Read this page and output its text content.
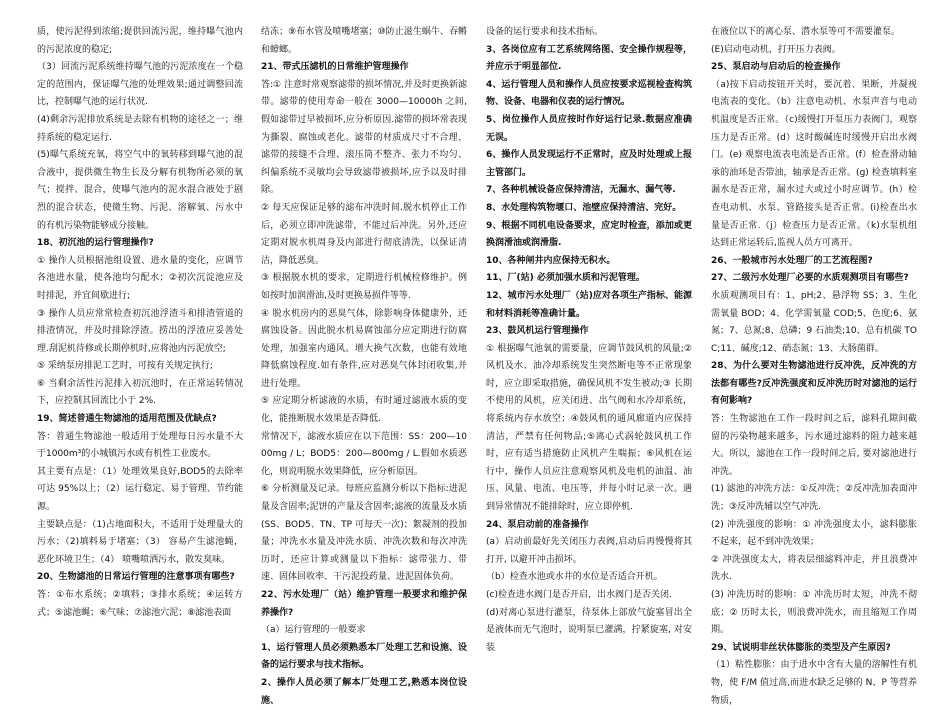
质，使污泥得到浓缩;提供回流污泥，维持曝气池内的污泥浓度的稳定;

（3）回流污泥系统维持曝气池的污泥浓度在一个稳定的范围内，保证曝气池的处理效果;通过调整回流比，控制曝气池的运行状况.

(4)剩余污泥排放系统是去除有机物的途径之一；维持系统的稳定运行.

(5)曝气系统充氧，将空气中的氧转移到曝气池的混合液中，提供微生物生长及分解有机物所必须的氧气；搅拌、混合，使曝气池内的泥水混合液处于剧烈的混合状态，使微生物、污泥、溶解氧、污水中的有机污染物能够成分接触。

18、初沉池的运行管理操作?

① 操作人员根据池组设置、进水量的变化，应调节各池进水量，使各池均匀配水；②初次沉淀池应及时排泥，并宜间歇进行;

③ 操作人员应常常检查初沉池浮渣斗和排渣管道的排渣情况，并及时排除浮渣。捞出的浮渣应妥善处理.刮泥机待修或长期停机时,应将池内污泥放空;

⑤ 采纳泵房排泥工艺时，可按有关规定执行;

⑥ 当剩余活性污泥排入初沉池时，在正常运转情况下，应控制其回流比小于 2%.

19、简述普通生物滤池的适用范围及优缺点?

答：普通生物滤池一般适用于处理每日污水量不大于1000m³的小城镇污水或有机性工业废水。

其主要有点是：（1）处理效果良好,BOD5的去除率可达 95%以上；（2）运行稳定、易于管理、节约能源。

主要缺点是：（1)占地面积大，不适用于处理量大的污水；（2)填料易于堵塞；（3） 容易产生滤池蝇，恶化环境卫生；（4） 喷嘴喷洒污水，散发臭味。

20、生物滤池的日常运行管理的注意事项有哪些?

答：①布水系统；②填料；③排水系统；④运转方式；⑤滤池蝇；⑥气味；⑦滤池穴泥；⑧滤池表面

结冻；⑨布水管及喷嘴堵塞；⑩防止滋生蜗牛、吞鳉和蟑螂。

21、带式压滤机的日常维护管理操作

答:① 注意时常观察滤带的损坏情况,并及时更换新滤带。滤带的使用寿命一般在 3000—10000h 之间,假如滤带过早被损坏,应分析原因.滤带的损坏常表现为撕裂、腐蚀或老化。滤带的材质成尺寸不合理、滤带的接缝不合理、滚压筒不整齐、张力不均匀、纠偏系统不灵敏均会导致滤带被损坏,应予以及时排除。

② 每天应保证足够的滤布冲洗时间.脱水机停止工作后，必须立即冲洗滤带，不能过后冲洗。另外,还应定期对脱水机周身及内部进行彻底清洗，以保证清洁，降低恶臭。

③ 根据脱水机的要求，定期进行机械检修维护。例如按时加润滑油,及时更换易损件等等.

④ 脱水机房内的恶臭气体，除影响身体健康外，还腐蚀设备。因此脱水机易腐蚀部分应定期进行防腐处理，加强室内通风。增大换气次数，也能有效地降低腐蚀程度.如有条件,应对恶臭气体封闭收集,并进行处理。

⑤ 应定期分析滤液的水质，有时通过滤液水质的变化，能推断脱水效果是否降低.

常情况下，滤液水质应在以下范围：SS：200—1000mg / L；BOD5：200—800mg / L.假如水质恶化，则说明脱水效果降低，应分析原因。

⑥ 分析测量及记录。每班应监测分析以下指标:进泥量及含固率;泥饼的产量及含固率;滤液的流量及水质 (SS、BOD5、TN、TP 可每天一次)；絮凝剂的投加量；冲洗水水量及冲洗水质、冲洗次数和每次冲洗历时，还应计算或测量以下指标：滤带张力、带速、固体回收率、干污泥投药量、进泥固体负荷。

22、污水处理厂（站）维护管理一般要求和维护保养操作?

（a）运行管理的一般要求

1、运行管理人员必须熟悉本厂处理工艺和设施、设备的运行要求与技术指标。

2、操作人员必须了解本厂处理工艺,熟悉本岗位设施、

设备的运行要求和技术指标。

3、各岗位应有工艺系统网络图、安全操作规程等，并应示于明显部位.

4、运行管理人员和操作人员应按要求巡视检查构筑物、设备、电器和仪表的运行情况。

5、岗位操作人员应按时作好运行记录.数据应准确无误。

6、操作人员发现运行不正常时，应及时处理或上报主管部门。

7、各种机械设备应保持清洁，无漏水、漏气等.

8、水处理构筑物堰口、池壁应保持清洁、完好。

9、根据不同机电设备要求，应定时检查，添加或更换润滑油或润滑脂.

10、各种闸井内应保持无积水。

11、厂(站) 必须加强水质和污泥管理。

12、城市污水处理厂（站)应对各项生产指标、能源和材料消耗等准确计量。

23、鼓风机运行管理操作

① 根据曝气池氧的需要量，应调节鼓风机的风量;② 风机及水、油冷却系统发生突然断电等不正常现象时，应立即采取措施，确保风机不发生被动;③ 长期不使用的风机，应关闭进、出气阀和水冷却系统，将系统内存水放空；④鼓风机的通风廊道内应保持清洁，严禁有任何物品;⑤离心式涡轮鼓风机工作时，应有适当措施防止风机产生喘振；⑥风机在运行中，操作人员应注意观察风机及电机的油温、油压、风量、电流、电压等，并每小时记录一次。遇到异常情况不能排除时，应立即停机.

24、泵启动前的准备操作

(a）启动前最好先关闭压力表阀,启动后再慢慢将其打开, 以避开冲击损坏。

（b）检查水池或水井的水位是否适合开机。

(c)检查进水阀门是否开启，出水阀门是否关闭.

(d)对离心泵进行灌泵，待泵体上部放气旋塞冒出全是液体而无气泡时，说明泵已灌满，拧紧旋塞, 对安装

在液位以下的离心泵、潜水泵等可不需要灌泵。

(E)启动电动机，打开压力表阀。

25、泵启动与启动后的检查操作

（a)按下启动按钮开关时，要沉着、果断，并凝视电流表的变化。（b）注意电动机、水泵声音与电动机温度是否正常。（c)缓慢打开泵压力表阀门，观察压力是否正常。(d）这时酸碱连时缓慢开启出水阀门。(e) 观察电流表电流是否正常。(f）检查滑动轴承的油环是否带油，轴承是否正常。(g) 检查填料室漏水是否正常，漏水过大或过小时应调节。(h）检查电动机、水泵、管路接头是否正常。(i)检查出水量是否正常.（j）检查压力是否正常。（k)水泵机组达到正常运转后,监视人员方可离开。

26、一般城市污水处理厂的工艺流程图?

27、二级污水处理厂必要的水质观测项目有哪些?

水质观测项目有：1、pH;2、悬浮物 SS；3、生化需氧量 BOD；4、化学需氧量 COD;5、色度;6、氨氮；7、总氮;8、总磷；9 石油类;10、总有机碳 TOC;11、碱度;12、硝态氮；13、大肠菌群。

28、为什么要对生物滤池进行反冲洗，反冲洗的方法都有哪些?反冲洗强度和反冲洗历时对滤池的运行有何影响?

答：生物滤池在工作一段时间之后，滤料孔隙间截留的污染物越来越多，污水通过滤料的阻力越来越大。所以，滤池在工作一段时间之后, 要对滤池进行冲洗。

(1) 滤池的冲洗方法：①反冲洗；②反冲洗加表面冲洗；③反冲洗辅以空气冲洗.

(2) 冲洗强度的影响：① 冲洗强度太小，滤料膨胀不起来，起不到冲洗效果；

② 冲洗强度太大，将表层细滤料冲走，并且浪费冲洗水.

(3) 冲洗历时的影响：① 冲洗历时太短，冲洗不彻底；② 历时太长，则浪费冲洗水，而且缩短工作周期。

29、试说明非丝状体膨胀的类型及产生原因?

（1）粘性膨胀：由于进水中含有大量的溶解性有机物，使 F/M 值过高,而进水缺乏足够的 N、P 等营养物质，
